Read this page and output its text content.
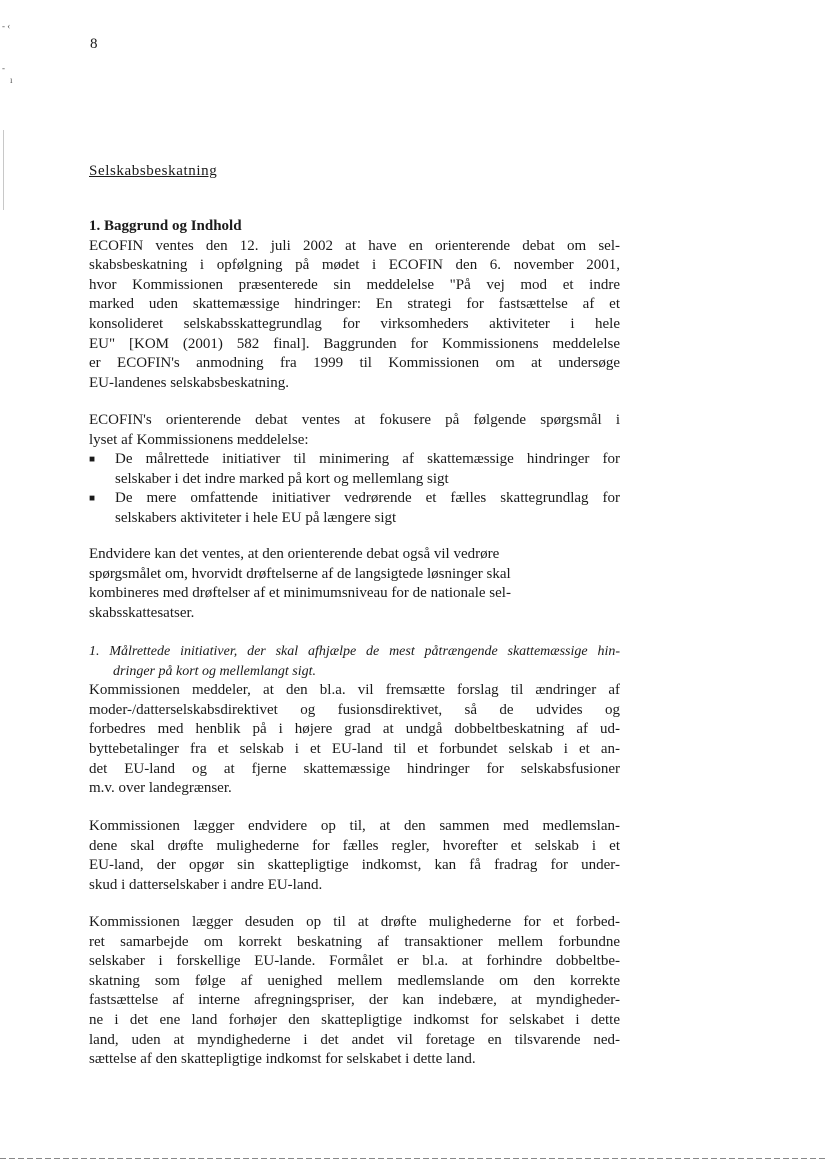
- ‹
-
ı
8
Selskabsbeskatning
1. Baggrund og Indhold
ECOFIN ventes den 12. juli 2002 at have en orienterende debat om sel-
skabsbeskatning i opfølgning på mødet i ECOFIN den 6. november 2001,
hvor Kommissionen præsenterede sin meddelelse "På vej mod et indre
marked uden skattemæssige hindringer: En strategi for fastsættelse af et
konsolideret selskabsskattegrundlag for virksomheders aktiviteter i hele
EU" [KOM (2001) 582 final]. Baggrunden for Kommissionens meddelelse
er ECOFIN's anmodning fra 1999 til Kommissionen om at undersøge
EU-landenes selskabsbeskatning.
ECOFIN's orienterende debat ventes at fokusere på følgende spørgsmål i
lyset af Kommissionens meddelelse:
■	De målrettede initiativer til minimering af skattemæssige hindringer for
selskaber i det indre marked på kort og mellemlang sigt
■	De mere omfattende initiativer vedrørende et fælles skattegrundlag for
selskabers aktiviteter i hele EU på længere sigt
Endvidere kan det ventes, at den orienterende debat også vil vedrøre
spørgsmålet om, hvorvidt drøftelserne af de langsigtede løsninger skal
kombineres med drøftelser af et minimumsniveau for de nationale sel-
skabsskattesatser.
1. Målrettede initiativer, der skal afhjælpe de mest påtrængende skattemæssige hin-
dringer på kort og mellemlangt sigt.
Kommissionen meddeler, at den bl.a. vil fremsætte forslag til ændringer af
moder-/datterselskabsdirektivet og fusionsdirektivet, så de udvides og
forbedres med henblik på i højere grad at undgå dobbeltbeskatning af ud-
byttebetalinger fra et selskab i et EU-land til et forbundet selskab i et an-
det EU-land og at fjerne skattemæssige hindringer for selskabsfusioner
m.v. over landegrænser.
Kommissionen lægger endvidere op til, at den sammen med medlemslan-
dene skal drøfte mulighederne for fælles regler, hvorefter et selskab i et
EU-land, der opgør sin skattepligtige indkomst, kan få fradrag for under-
skud i datterselskaber i andre EU-land.
Kommissionen lægger desuden op til at drøfte mulighederne for et forbed-
ret samarbejde om korrekt beskatning af transaktioner mellem forbundne
selskaber i forskellige EU-lande. Formålet er bl.a. at forhindre dobbeltbe-
skatning som følge af uenighed mellem medlemslande om den korrekte
fastsættelse af interne afregningspriser, der kan indebære, at myndigheder-
ne i det ene land forhøjer den skattepligtige indkomst for selskabet i dette
land, uden at myndighederne i det andet vil foretage en tilsvarende ned-
sættelse af den skattepligtige indkomst for selskabet i dette land.
